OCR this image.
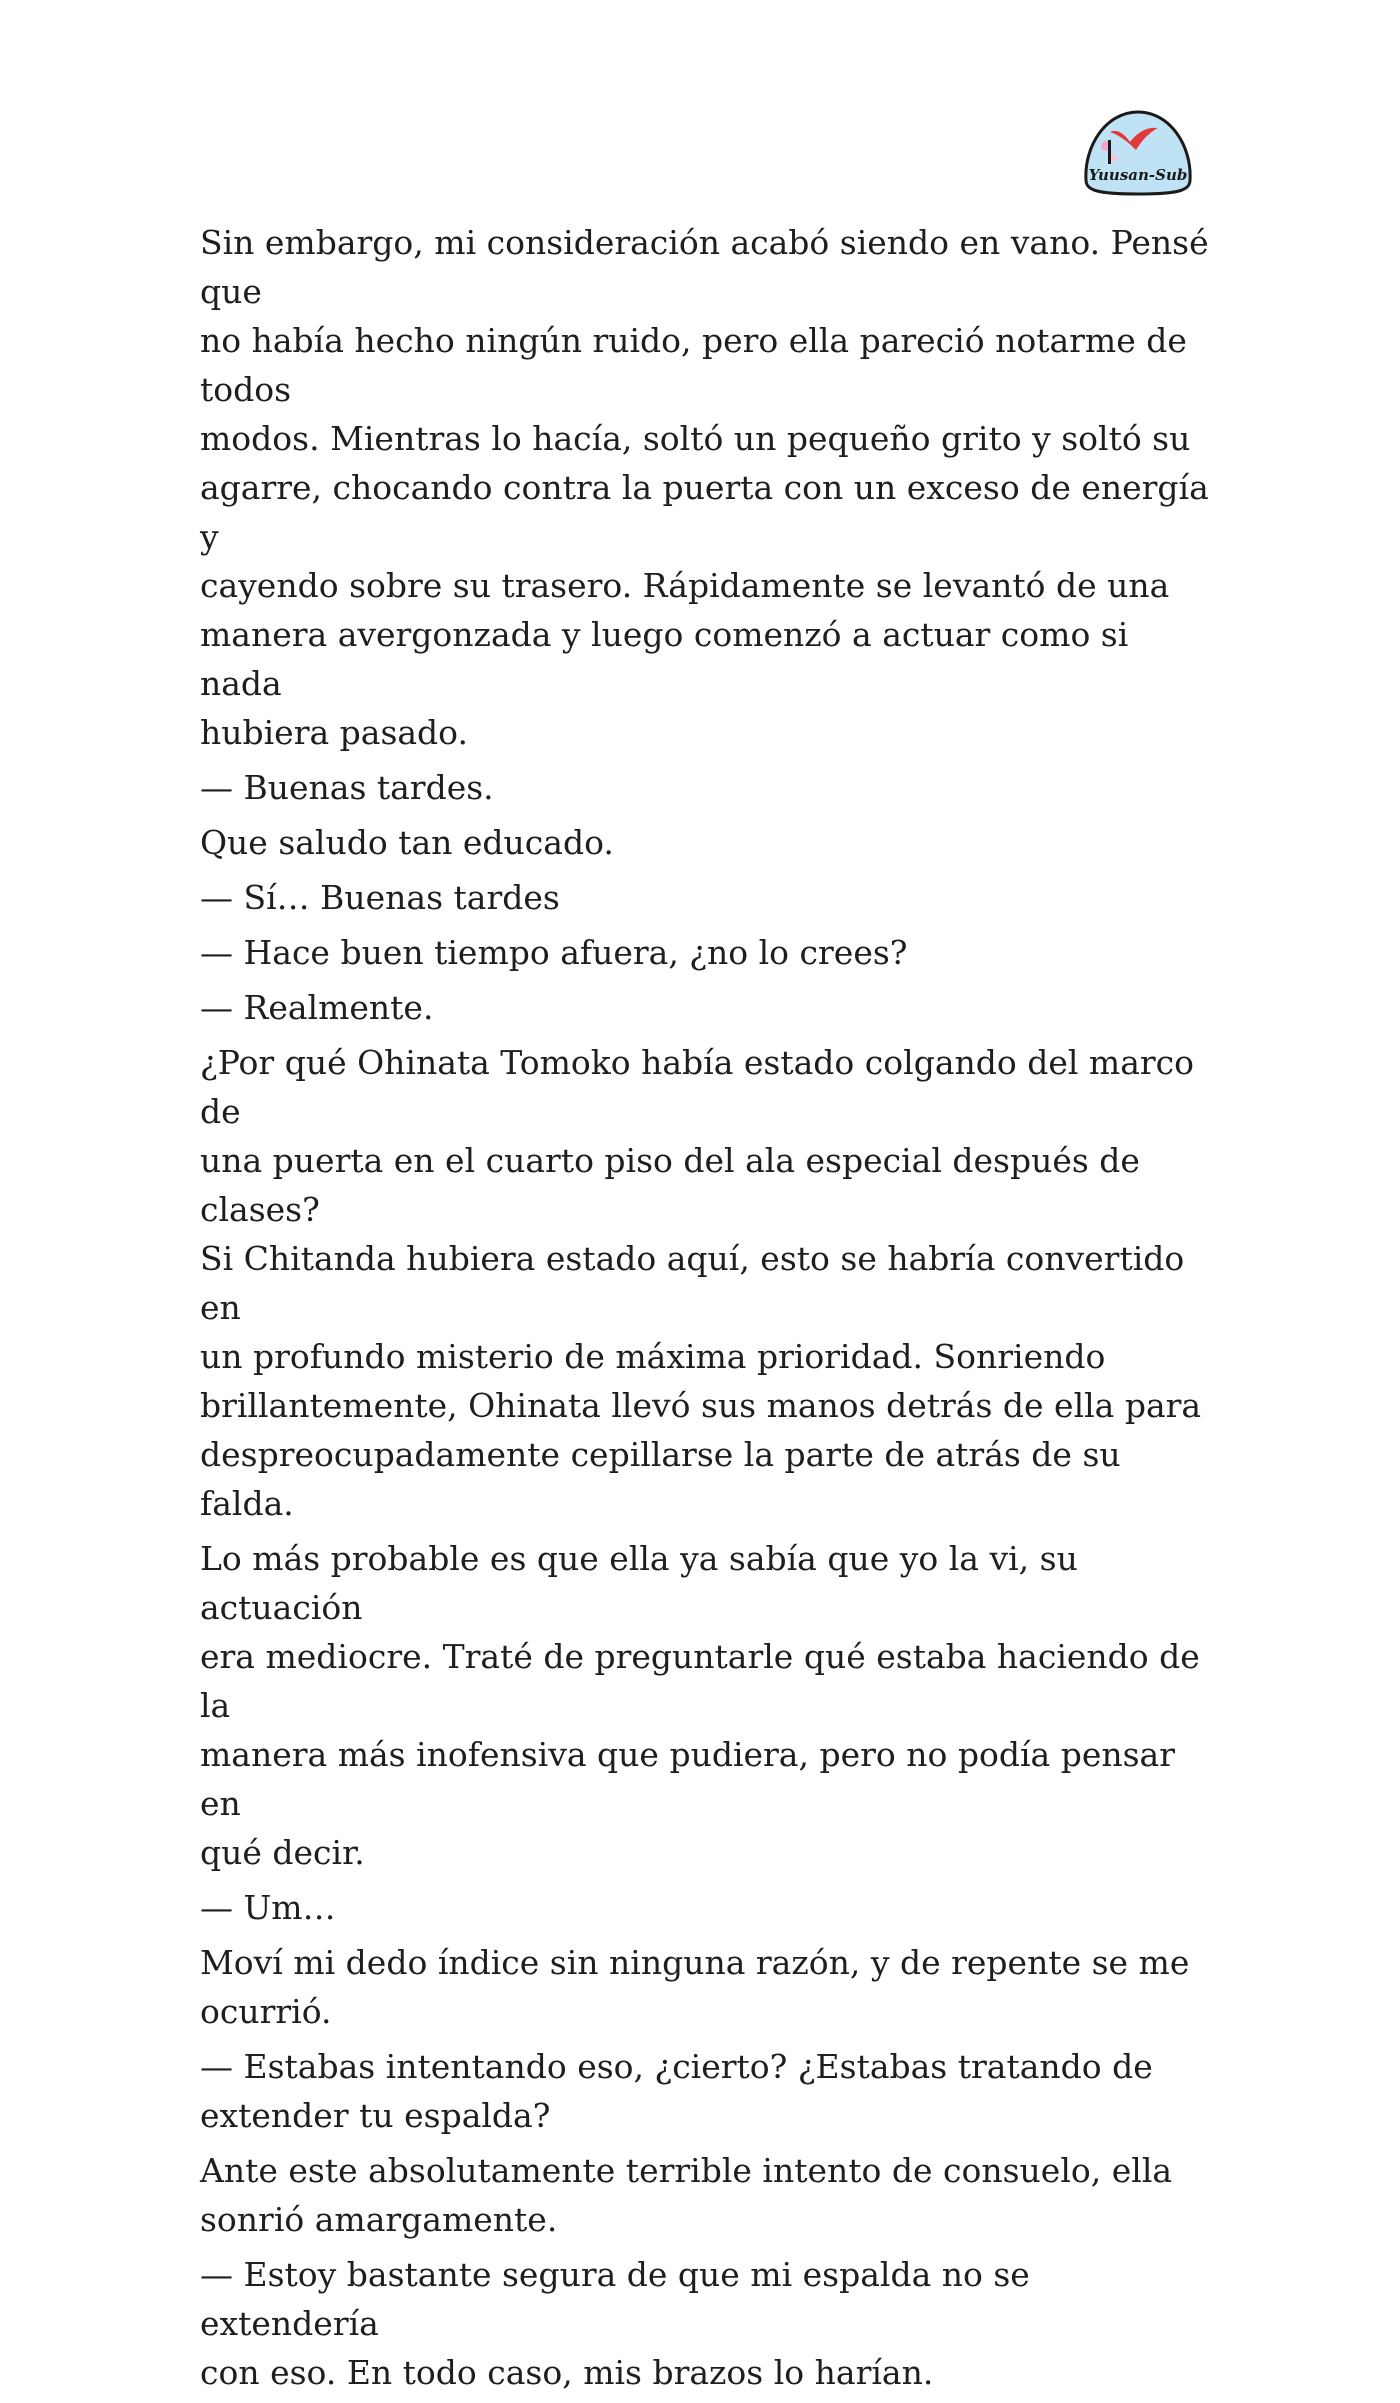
Yuusan-Sub

Sin embargo, mi consideración acabó siendo en vano. Pensé que
no había hecho ningún ruido, pero ella pareció notarme de todos
modos. Mientras lo hacía, soltó un pequeño grito y soltó su
agarre, chocando contra la puerta con un exceso de energía y
cayendo sobre su trasero. Rápidamente se levantó de una
manera avergonzada y luego comenzó a actuar como si nada
hubiera pasado.

— Buenas tardes.

Que saludo tan educado.

— Sí… Buenas tardes

— Hace buen tiempo afuera, ¿no lo crees?

— Realmente.

¿Por qué Ohinata Tomoko había estado colgando del marco de
una puerta en el cuarto piso del ala especial después de clases?
Si Chitanda hubiera estado aquí, esto se habría convertido en
un profundo misterio de máxima prioridad. Sonriendo
brillantemente, Ohinata llevó sus manos detrás de ella para
despreocupadamente cepillarse la parte de atrás de su falda.

Lo más probable es que ella ya sabía que yo la vi, su actuación
era mediocre. Traté de preguntarle qué estaba haciendo de la
manera más inofensiva que pudiera, pero no podía pensar en
qué decir.

— Um…

Moví mi dedo índice sin ninguna razón, y de repente se me
ocurrió.

— Estabas intentando eso, ¿cierto? ¿Estabas tratando de
extender tu espalda?

Ante este absolutamente terrible intento de consuelo, ella
sonrió amargamente.

— Estoy bastante segura de que mi espalda no se extendería
con eso. En todo caso, mis brazos lo harían.
